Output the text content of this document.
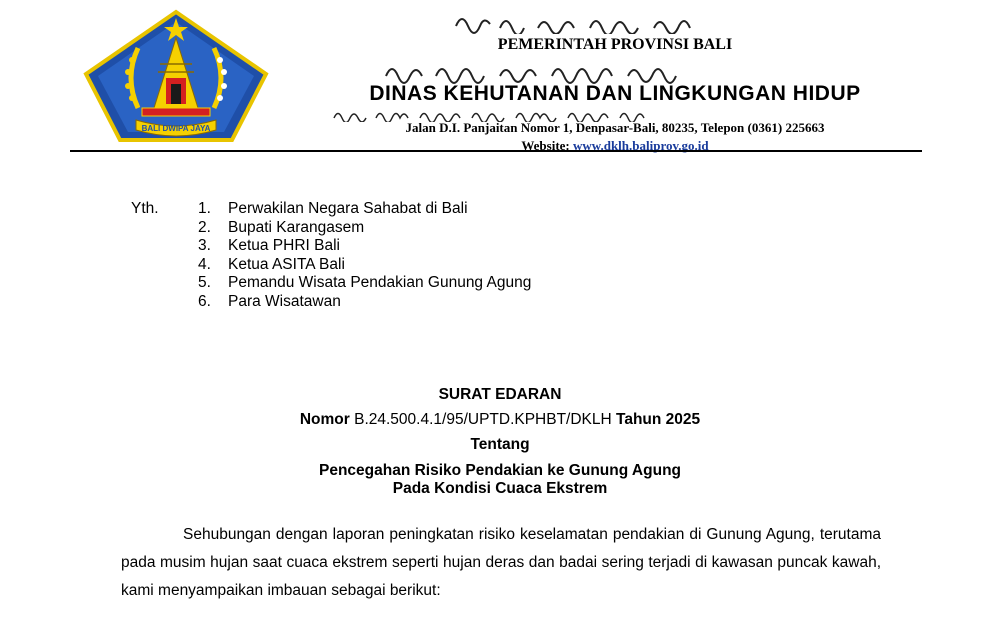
BALI DWIPA JAYA
PEMERINTAH PROVINSI BALI
DINAS KEHUTANAN DAN LINGKUNGAN HIDUP
Jalan D.I. Panjaitan Nomor 1, Denpasar-Bali, 80235, Telepon (0361) 225663
Website: www.dklh.baliprov.go.id
Yth.	1.	Perwakilan Negara Sahabat di Bali
2.	Bupati Karangasem
3.	Ketua PHRI Bali
4.	Ketua ASITA Bali
5.	Pemandu Wisata Pendakian Gunung Agung
6.	Para Wisatawan
SURAT EDARAN
Nomor B.24.500.4.1/95/UPTD.KPHBT/DKLH Tahun 2025
Tentang
Pencegahan Risiko Pendakian ke Gunung Agung
Pada Kondisi Cuaca Ekstrem
Sehubungan dengan laporan peningkatan risiko keselamatan pendakian di Gunung Agung, terutama pada musim hujan saat cuaca ekstrem seperti hujan deras dan badai sering terjadi di kawasan puncak kawah, kami menyampaikan imbauan sebagai berikut:
